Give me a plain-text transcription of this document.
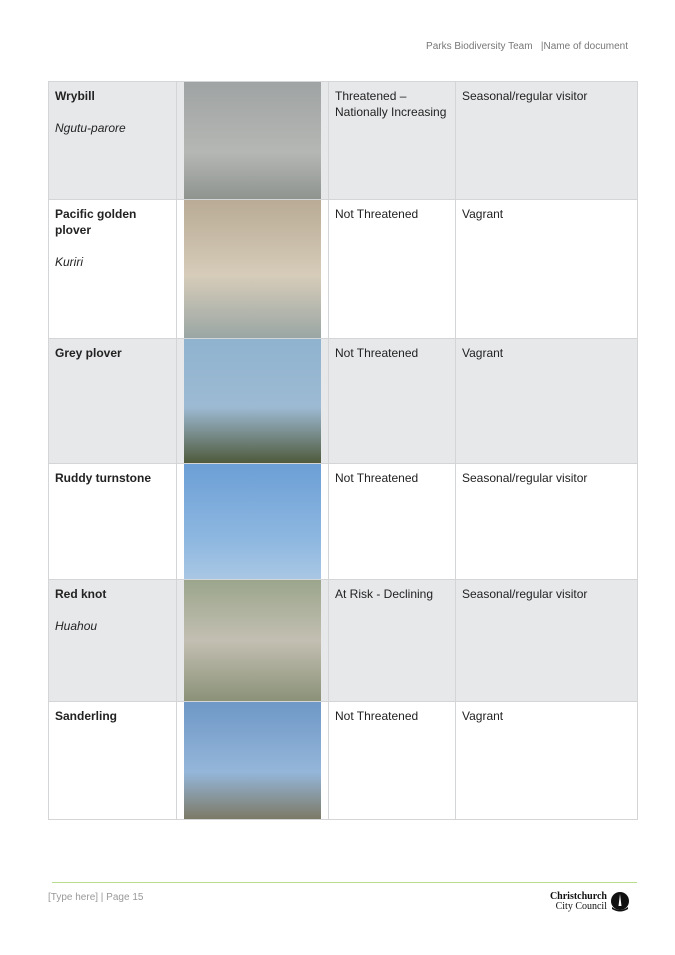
Parks Biodiversity Team |Name of document
Wrybill
Ngutu-parore		Threatened – Nationally Increasing	Seasonal/regular visitor

Pacific golden plover
Kuriri		Not Threatened	Vagrant

Grey plover		Not Threatened	Vagrant

Ruddy turnstone		Not Threatened	Seasonal/regular visitor

Red knot
Huahou		At Risk - Declining	Seasonal/regular visitor

Sanderling		Not Threatened	Vagrant
[Type here] | Page 15	Christchurch
City Council
